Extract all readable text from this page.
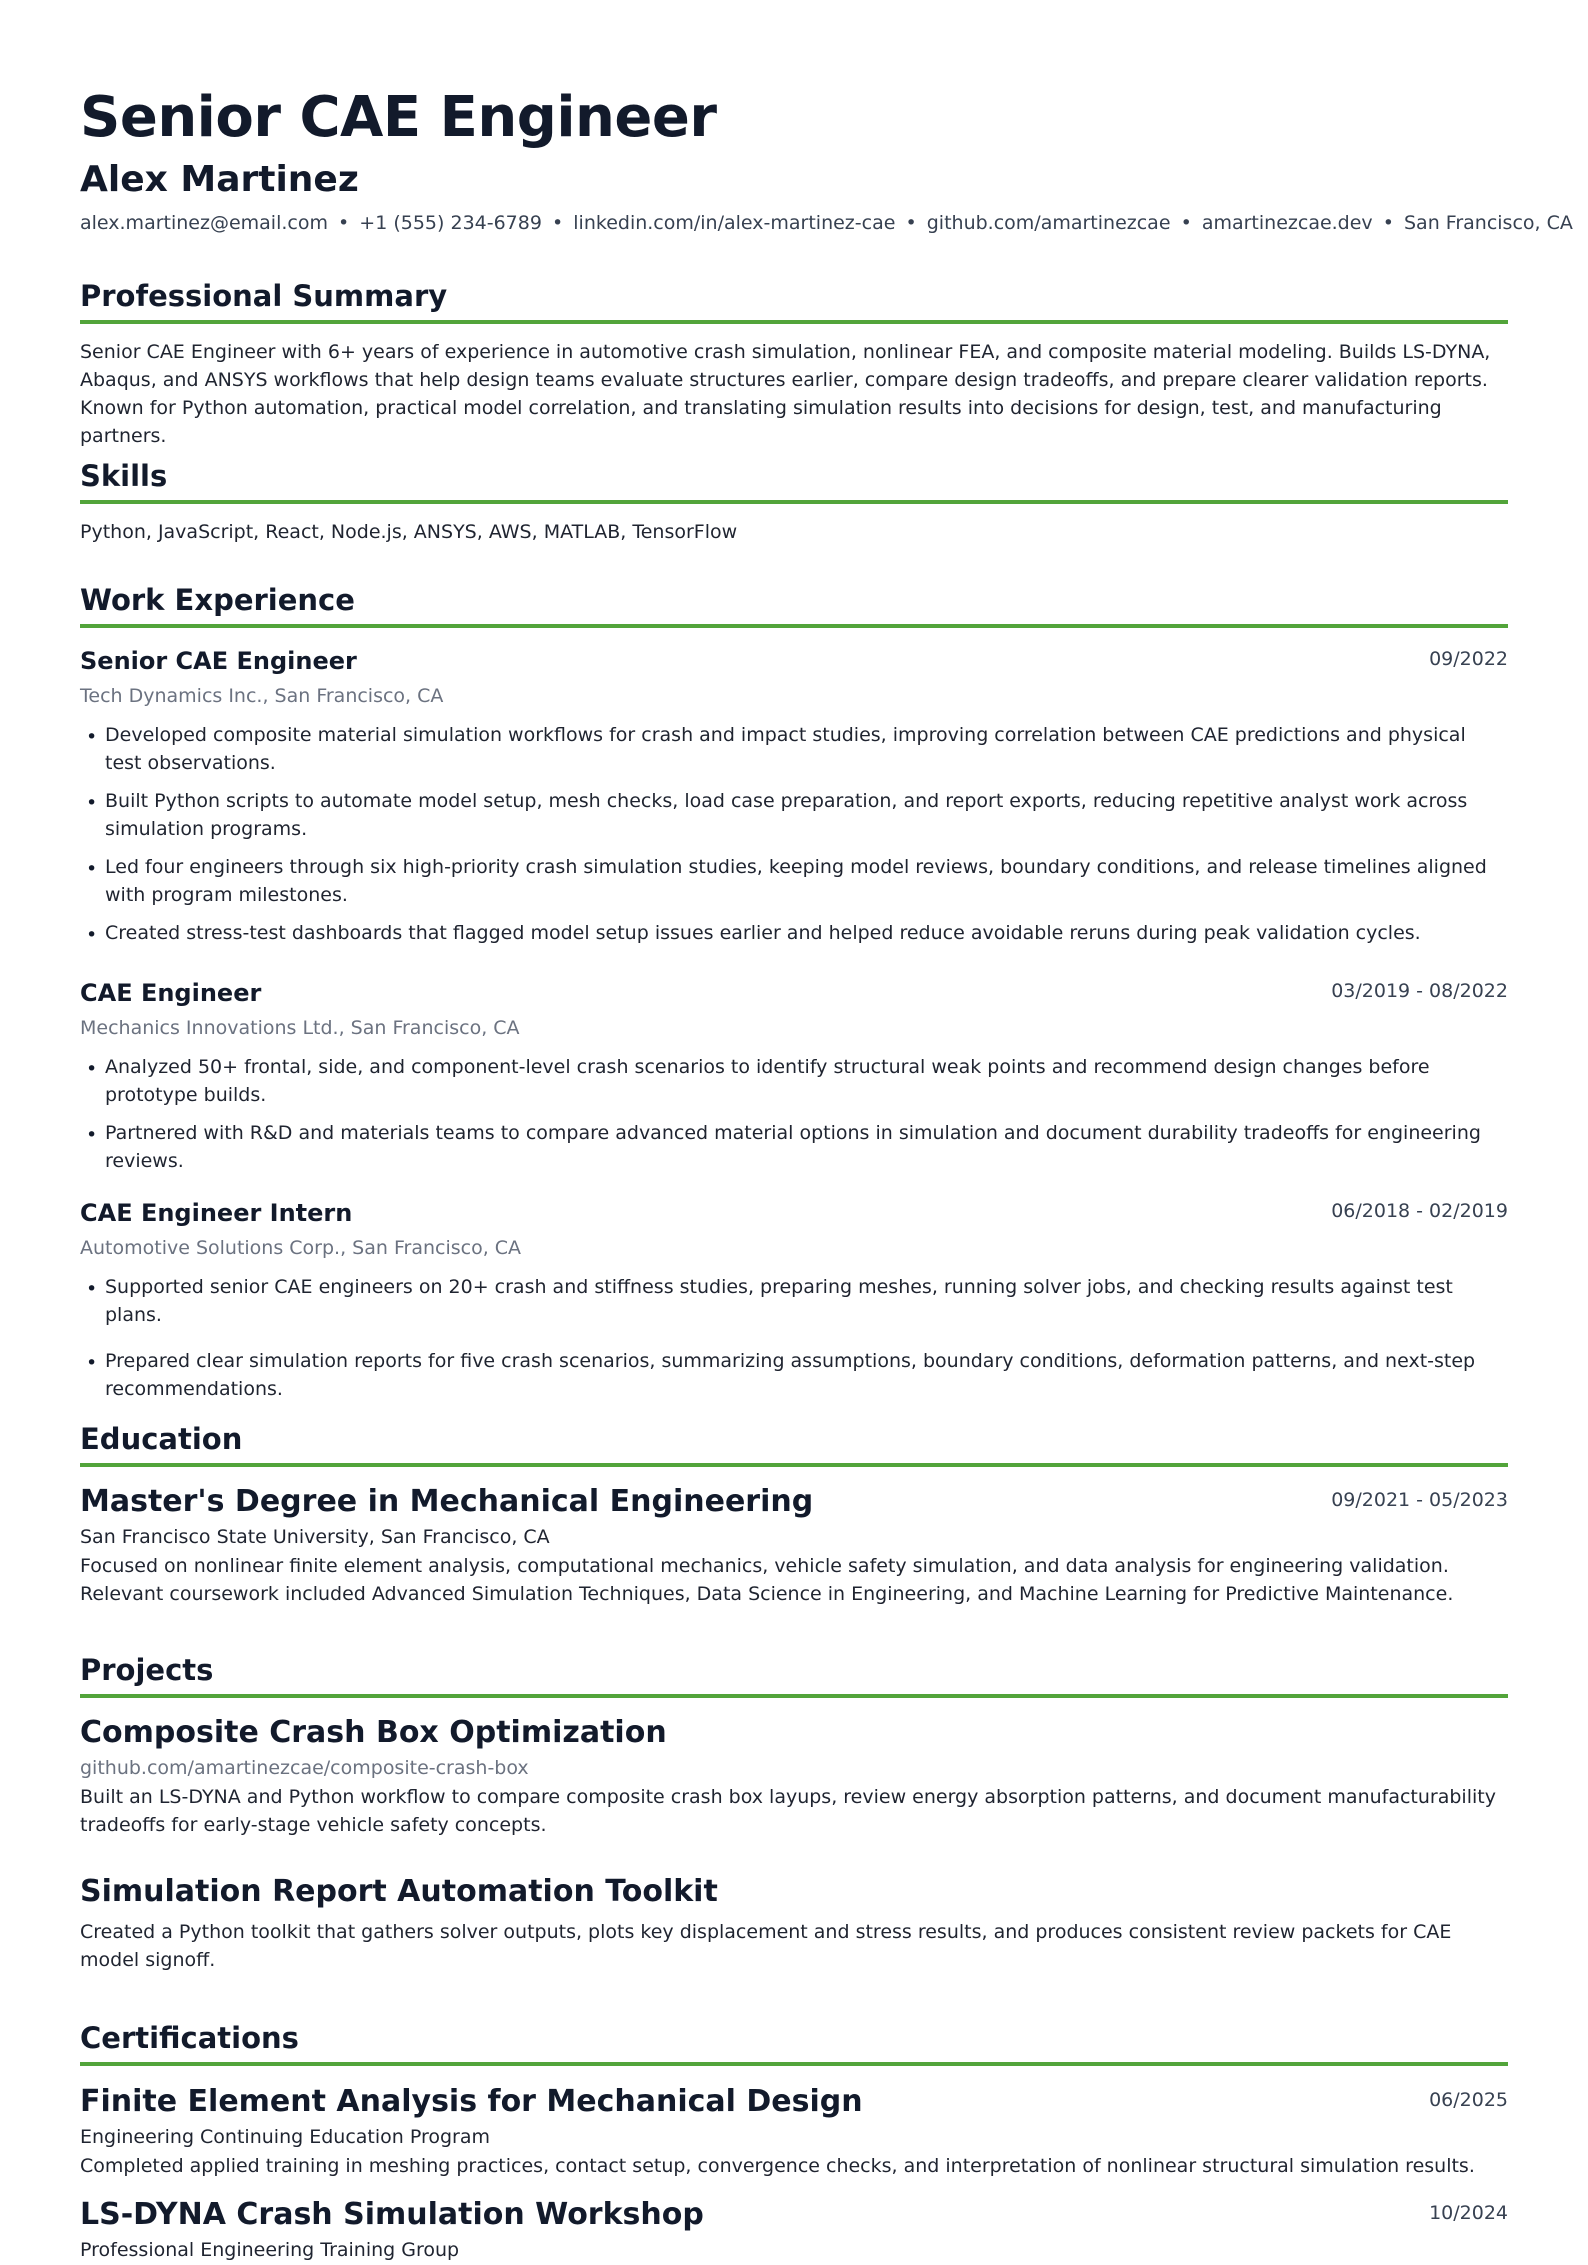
Senior CAE Engineer
Alex Martinez
alex.martinez@email.com • +1 (555) 234-6789 • linkedin.com/in/alex-martinez-cae • github.com/amartinezcae • amartinezcae.dev • San Francisco, CA
Professional Summary
Senior CAE Engineer with 6+ years of experience in automotive crash simulation, nonlinear FEA, and composite material modeling. Builds LS-DYNA, Abaqus, and ANSYS workflows that help design teams evaluate structures earlier, compare design tradeoffs, and prepare clearer validation reports. Known for Python automation, practical model correlation, and translating simulation results into decisions for design, test, and manufacturing partners.
Skills
Python, JavaScript, React, Node.js, ANSYS, AWS, MATLAB, TensorFlow
Work Experience
Senior CAE Engineer	09/2022
Tech Dynamics Inc., San Francisco, CA
• Developed composite material simulation workflows for crash and impact studies, improving correlation between CAE predictions and physical test observations.
• Built Python scripts to automate model setup, mesh checks, load case preparation, and report exports, reducing repetitive analyst work across simulation programs.
• Led four engineers through six high-priority crash simulation studies, keeping model reviews, boundary conditions, and release timelines aligned with program milestones.
• Created stress-test dashboards that flagged model setup issues earlier and helped reduce avoidable reruns during peak validation cycles.
CAE Engineer	03/2019 - 08/2022
Mechanics Innovations Ltd., San Francisco, CA
• Analyzed 50+ frontal, side, and component-level crash scenarios to identify structural weak points and recommend design changes before prototype builds.
• Partnered with R&D and materials teams to compare advanced material options in simulation and document durability tradeoffs for engineering reviews.
CAE Engineer Intern	06/2018 - 02/2019
Automotive Solutions Corp., San Francisco, CA
• Supported senior CAE engineers on 20+ crash and stiffness studies, preparing meshes, running solver jobs, and checking results against test plans.
• Prepared clear simulation reports for five crash scenarios, summarizing assumptions, boundary conditions, deformation patterns, and next-step recommendations.
Education
Master's Degree in Mechanical Engineering	09/2021 - 05/2023
San Francisco State University, San Francisco, CA
Focused on nonlinear finite element analysis, computational mechanics, vehicle safety simulation, and data analysis for engineering validation. Relevant coursework included Advanced Simulation Techniques, Data Science in Engineering, and Machine Learning for Predictive Maintenance.
Projects
Composite Crash Box Optimization
github.com/amartinezcae/composite-crash-box
Built an LS-DYNA and Python workflow to compare composite crash box layups, review energy absorption patterns, and document manufacturability tradeoffs for early-stage vehicle safety concepts.
Simulation Report Automation Toolkit
Created a Python toolkit that gathers solver outputs, plots key displacement and stress results, and produces consistent review packets for CAE model signoff.
Certifications
Finite Element Analysis for Mechanical Design	06/2025
Engineering Continuing Education Program
Completed applied training in meshing practices, contact setup, convergence checks, and interpretation of nonlinear structural simulation results.
LS-DYNA Crash Simulation Workshop	10/2024
Professional Engineering Training Group
